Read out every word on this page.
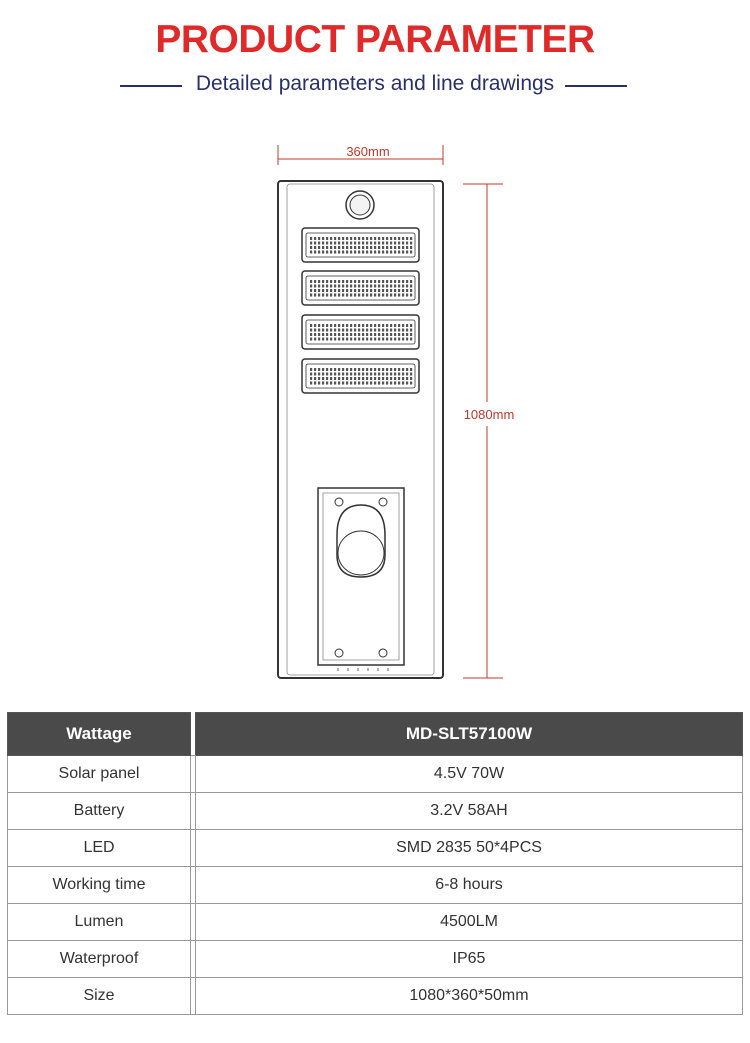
PRODUCT PARAMETER
Detailed parameters and line drawings
360mm
1080mm
Wattage		MD-SLT57100W
Solar panel		4.5V 70W
Battery		3.2V 58AH
LED		SMD 2835 50*4PCS
Working time		6-8 hours
Lumen		4500LM
Waterproof		IP65
Size		1080*360*50mm
